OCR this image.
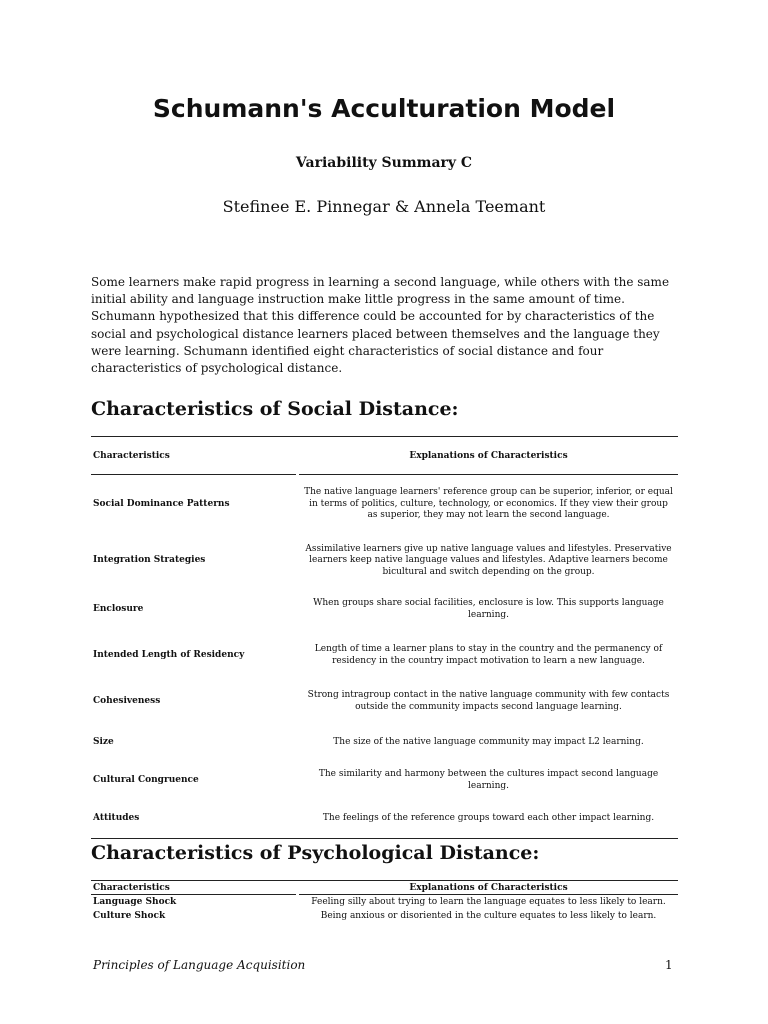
Schumann's Acculturation Model

Variability Summary C

Stefinee E. Pinnegar & Annela Teemant

Some learners make rapid progress in learning a second language, while others with the same initial ability and language instruction make little progress in the same amount of time. Schumann hypothesized that this difference could be accounted for by characteristics of the social and psychological distance learners placed between themselves and the language they were learning. Schumann identified eight characteristics of social distance and four characteristics of psychological distance.

Characteristics of Social Distance:
Characteristics		Explanations of Characteristics
Social Dominance Patterns		The native language learners' reference group can be superior, inferior, or equal in terms of politics, culture, technology, or economics. If they view their group as superior, they may not learn the second language.
Integration Strategies		Assimilative learners give up native language values and lifestyles. Preservative learners keep native language values and lifestyles. Adaptive learners become bicultural and switch depending on the group.
Enclosure		When groups share social facilities, enclosure is low. This supports language learning.
Intended Length of Residency		Length of time a learner plans to stay in the country and the permanency of residency in the country impact motivation to learn a new language.
Cohesiveness		Strong intragroup contact in the native language community with few contacts outside the community impacts second language learning.
Size		The size of the native language community may impact L2 learning.
Cultural Congruence		The similarity and harmony between the cultures impact second language learning.
Attitudes		The feelings of the reference groups toward each other impact learning.
Characteristics of Psychological Distance:
Characteristics		Explanations of Characteristics
Language Shock		Feeling silly about trying to learn the language equates to less likely to learn.
Culture Shock		Being anxious or disoriented in the culture equates to less likely to learn.

Principles of Language Acquisition	1
